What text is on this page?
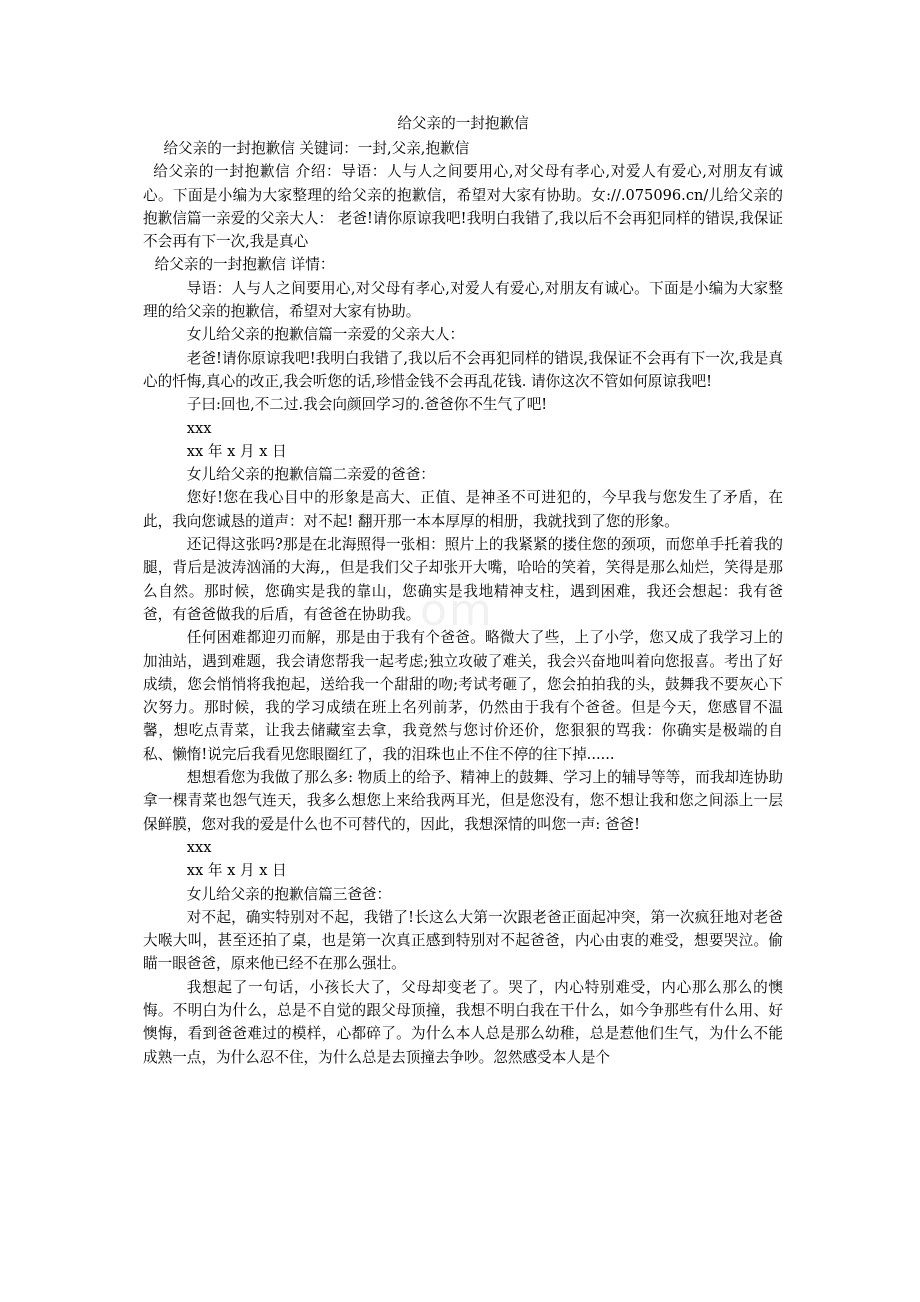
给父亲的一封抱歉信

给父亲的一封抱歉信 关键词：一封,父亲,抱歉信

给父亲的一封抱歉信 介绍：导语：人与人之间要用心,对父母有孝心,对爱人有爱心,对朋友有诚心。下面是小编为大家整理的给父亲的抱歉信，希望对大家有协助。女://.075096.cn/儿给父亲的抱歉信篇一亲爱的父亲大人： 老爸!请你原谅我吧!我明白我错了,我以后不会再犯同样的错误,我保证不会再有下一次,我是真心

给父亲的一封抱歉信 详情：

导语：人与人之间要用心,对父母有孝心,对爱人有爱心,对朋友有诚心。下面是小编为大家整理的给父亲的抱歉信，希望对大家有协助。

女儿给父亲的抱歉信篇一亲爱的父亲大人：

老爸!请你原谅我吧!我明白我错了,我以后不会再犯同样的错误,我保证不会再有下一次,我是真心的忏悔,真心的改正,我会听您的话,珍惜金钱不会再乱花钱. 请你这次不管如何原谅我吧!

子曰:回也,不二过.我会向颜回学习的.爸爸你不生气了吧!

xxx

xx 年 x 月 x 日

女儿给父亲的抱歉信篇二亲爱的爸爸：

您好!您在我心目中的形象是高大、正值、是神圣不可进犯的，今早我与您发生了矛盾，在此，我向您诚恳的道声：对不起! 翻开那一本本厚厚的相册，我就找到了您的形象。

还记得这张吗?那是在北海照得一张相：照片上的我紧紧的搂住您的颈项，而您单手托着我的腿，背后是波涛汹涌的大海,，但是我们父子却张开大嘴，哈哈的笑着，笑得是那么灿烂，笑得是那么自然。那时候，您确实是我的靠山，您确实是我地精神支柱，遇到困难，我还会想起：我有爸爸，有爸爸做我的后盾，有爸爸在协助我。

任何困难都迎刃而解，那是由于我有个爸爸。略微大了些，上了小学，您又成了我学习上的加油站，遇到难题，我会请您帮我一起考虑;独立攻破了难关，我会兴奋地叫着向您报喜。考出了好成绩，您会悄悄将我抱起，送给我一个甜甜的吻;考试考砸了，您会拍拍我的头，鼓舞我不要灰心下次努力。那时候，我的学习成绩在班上名列前茅，仍然由于我有个爸爸。但是今天，您感冒不温馨，想吃点青菜，让我去储藏室去拿，我竟然与您讨价还价，您狠狠的骂我：你确实是极端的自私、懒惰!说完后我看见您眼圈红了，我的泪珠也止不住不停的往下掉......

想想看您为我做了那么多: 物质上的给予、精神上的鼓舞、学习上的辅导等等，而我却连协助拿一棵青菜也怨气连天，我多么想您上来给我两耳光，但是您没有，您不想让我和您之间添上一层保鲜膜，您对我的爱是什么也不可替代的，因此，我想深情的叫您一声: 爸爸!

xxx

xx 年 x 月 x 日

女儿给父亲的抱歉信篇三爸爸：

对不起，确实特别对不起，我错了!长这么大第一次跟老爸正面起冲突，第一次疯狂地对老爸大喉大叫，甚至还拍了桌，也是第一次真正感到特别对不起爸爸，内心由衷的难受，想要哭泣。偷瞄一眼爸爸，原来他已经不在那么强壮。

我想起了一句话，小孩长大了，父母却变老了。哭了，内心特别难受，内心那么那么的懊悔。不明白为什么，总是不自觉的跟父母顶撞，我想不明白我在干什么，如今争那些有什么用、好懊悔，看到爸爸难过的模样，心都碎了。为什么本人总是那么幼稚，总是惹他们生气，为什么不能成熟一点，为什么忍不住，为什么总是去顶撞去争吵。忽然感受本人是个

om
